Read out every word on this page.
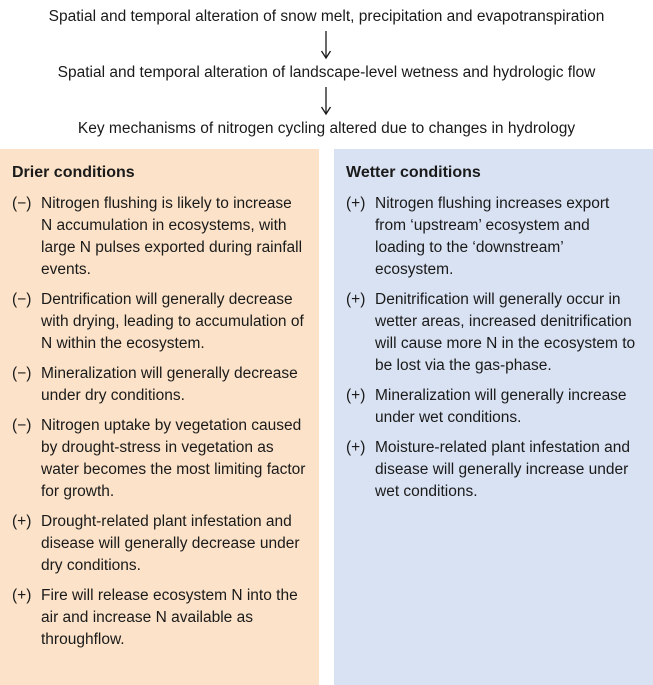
Spatial and temporal alteration of snow melt, precipitation and evapotranspiration
Spatial and temporal alteration of landscape-level wetness and hydrologic flow
Key mechanisms of nitrogen cycling altered due to changes in hydrology
Drier conditions
(−) Nitrogen flushing is likely to increase N accumulation in ecosystems, with large N pulses exported during rainfall events.
(−) Dentrification will generally decrease with drying, leading to accumulation of N within the ecosystem.
(−) Mineralization will generally decrease under dry conditions.
(−) Nitrogen uptake by vegetation caused by drought-stress in vegetation as water becomes the most limiting factor for growth.
(+) Drought-related plant infestation and disease will generally decrease under dry conditions.
(+) Fire will release ecosystem N into the air and increase N available as throughflow.
Wetter conditions
(+) Nitrogen flushing increases export from ‘upstream’ ecosystem and loading to the ‘downstream’ ecosystem.
(+) Denitrification will generally occur in wetter areas, increased denitrification will cause more N in the ecosystem to be lost via the gas-phase.
(+) Mineralization will generally increase under wet conditions.
(+) Moisture-related plant infestation and disease will generally increase under wet conditions.
